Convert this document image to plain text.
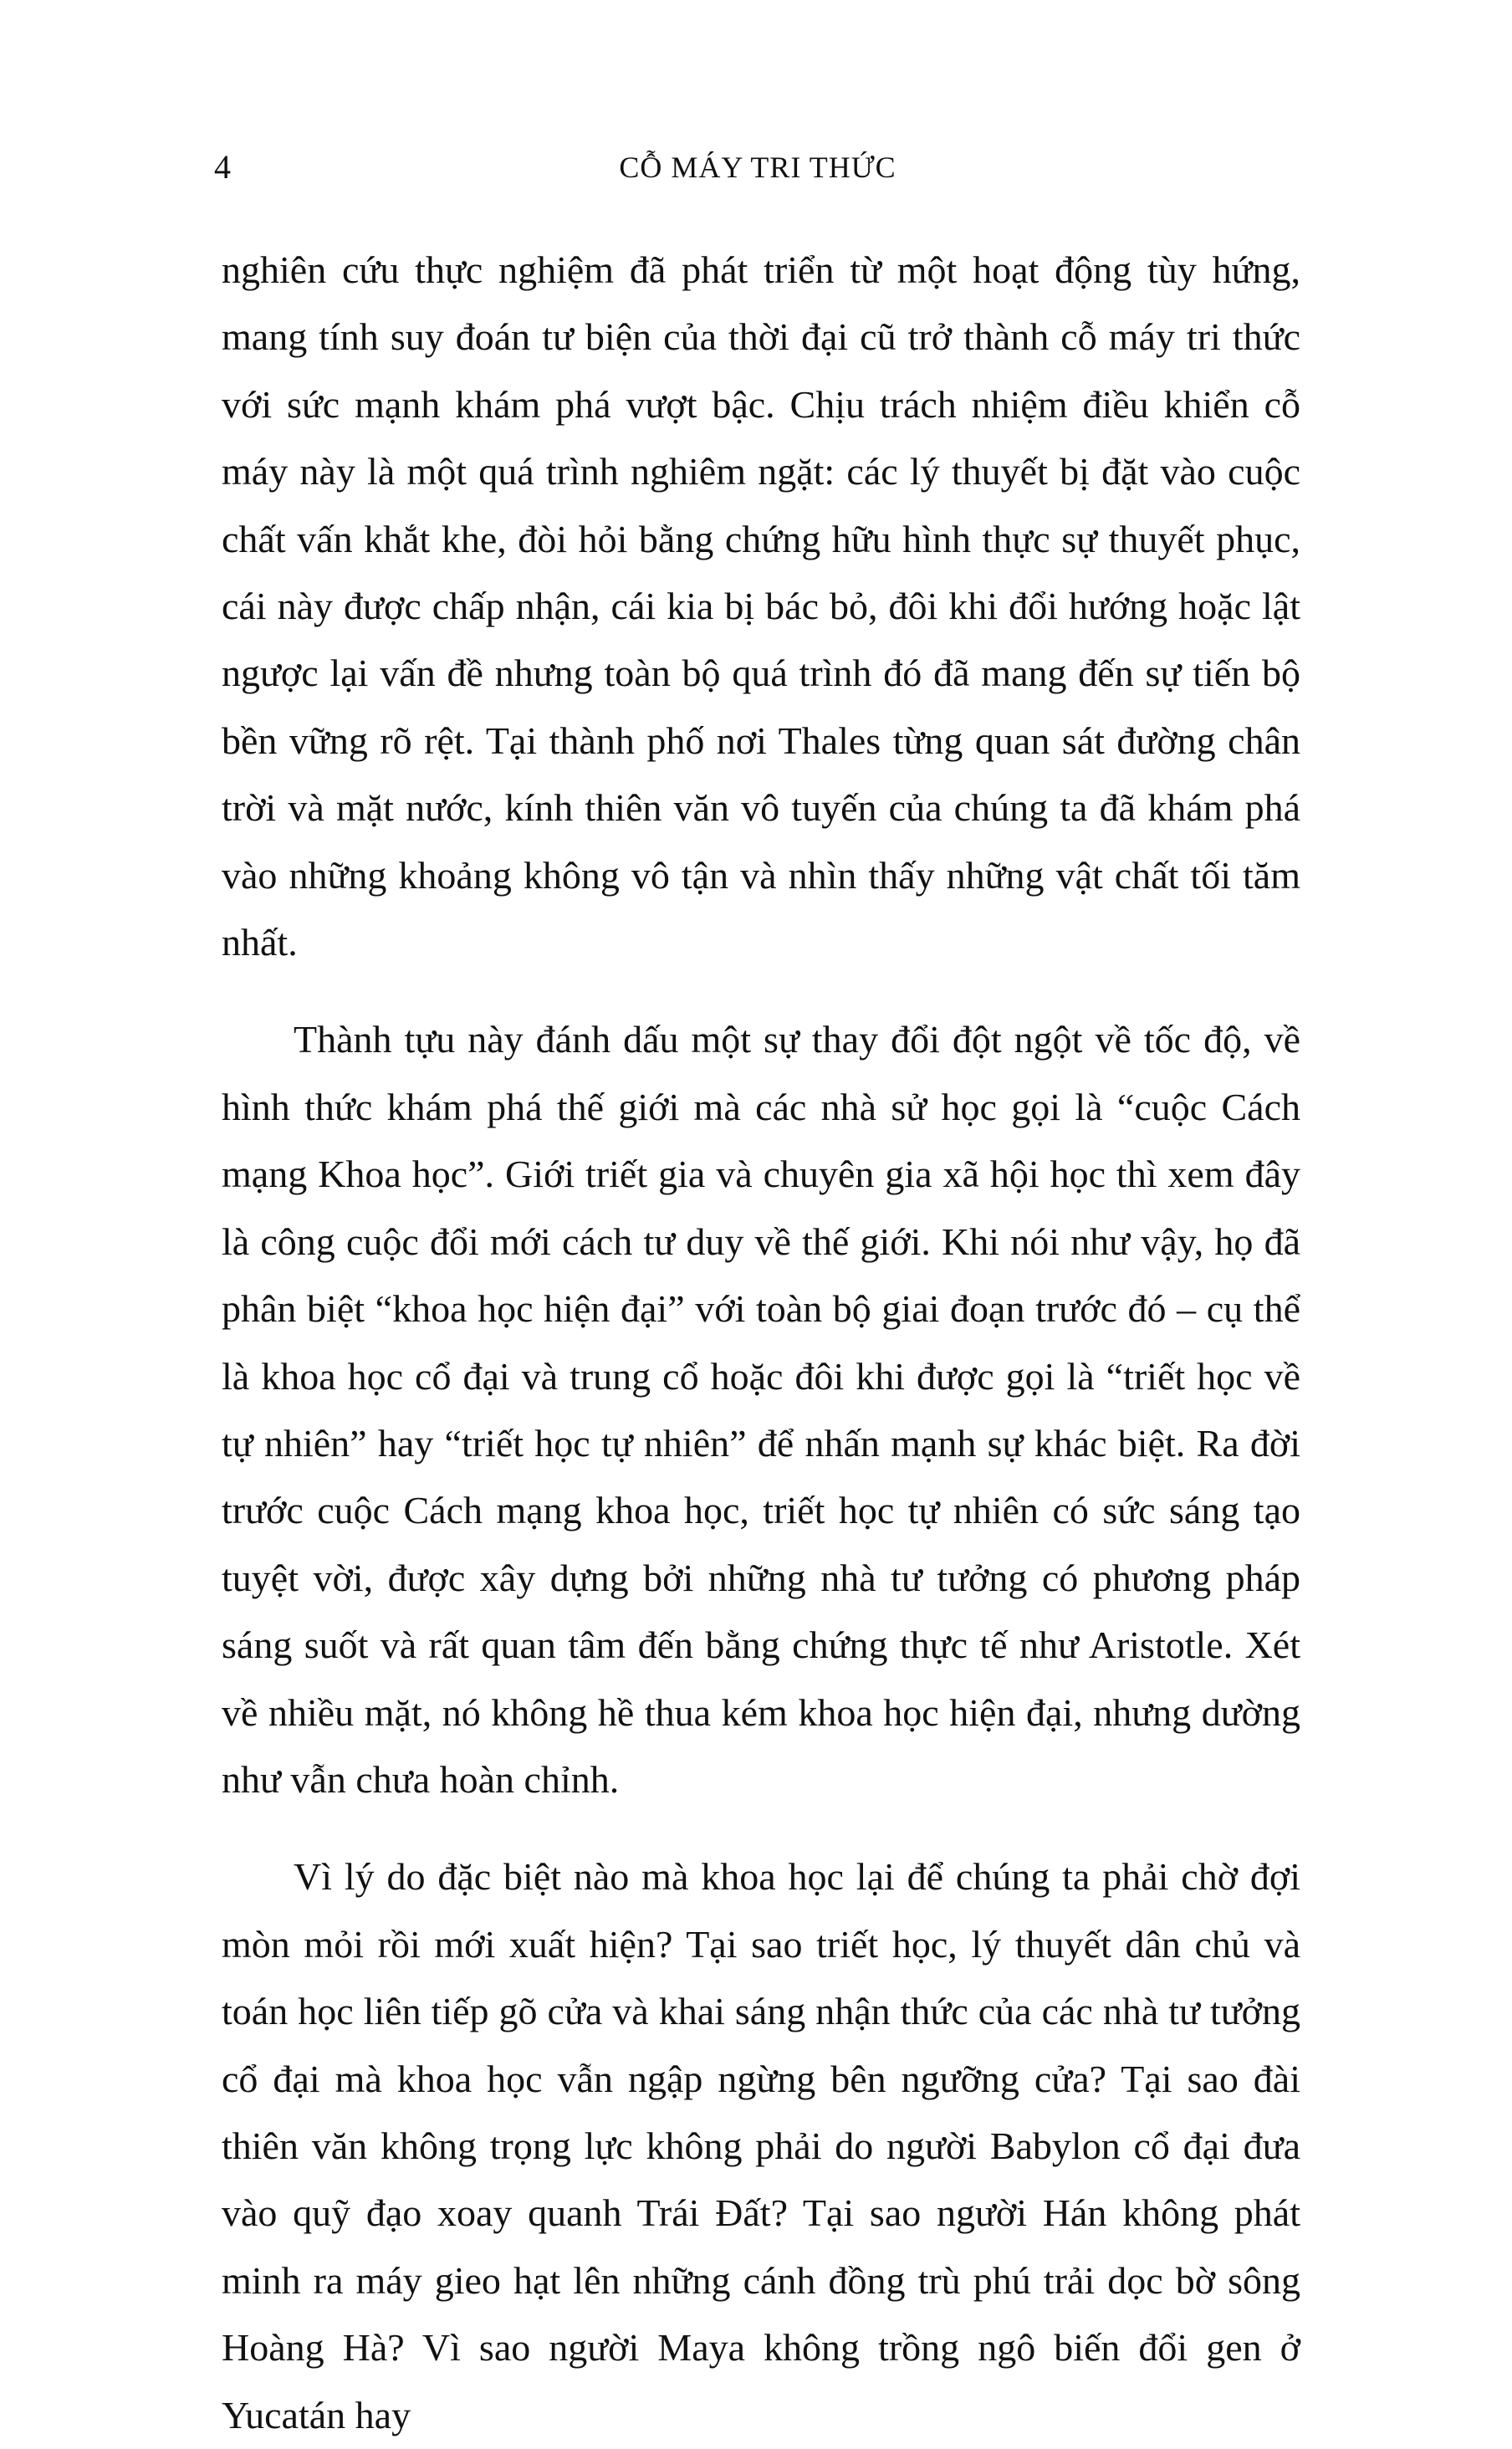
4	CỖ MÁY TRI THỨC

nghiên cứu thực nghiệm đã phát triển từ một hoạt động tùy hứng, mang tính suy đoán tư biện của thời đại cũ trở thành cỗ máy tri thức với sức mạnh khám phá vượt bậc. Chịu trách nhiệm điều khiển cỗ máy này là một quá trình nghiêm ngặt: các lý thuyết bị đặt vào cuộc chất vấn khắt khe, đòi hỏi bằng chứng hữu hình thực sự thuyết phục, cái này được chấp nhận, cái kia bị bác bỏ, đôi khi đổi hướng hoặc lật ngược lại vấn đề nhưng toàn bộ quá trình đó đã mang đến sự tiến bộ bền vững rõ rệt. Tại thành phố nơi Thales từng quan sát đường chân trời và mặt nước, kính thiên văn vô tuyến của chúng ta đã khám phá vào những khoảng không vô tận và nhìn thấy những vật chất tối tăm nhất.

Thành tựu này đánh dấu một sự thay đổi đột ngột về tốc độ, về hình thức khám phá thế giới mà các nhà sử học gọi là “cuộc Cách mạng Khoa học”. Giới triết gia và chuyên gia xã hội học thì xem đây là công cuộc đổi mới cách tư duy về thế giới. Khi nói như vậy, họ đã phân biệt “khoa học hiện đại” với toàn bộ giai đoạn trước đó – cụ thể là khoa học cổ đại và trung cổ hoặc đôi khi được gọi là “triết học về tự nhiên” hay “triết học tự nhiên” để nhấn mạnh sự khác biệt. Ra đời trước cuộc Cách mạng khoa học, triết học tự nhiên có sức sáng tạo tuyệt vời, được xây dựng bởi những nhà tư tưởng có phương pháp sáng suốt và rất quan tâm đến bằng chứng thực tế như Aristotle. Xét về nhiều mặt, nó không hề thua kém khoa học hiện đại, nhưng dường như vẫn chưa hoàn chỉnh.

Vì lý do đặc biệt nào mà khoa học lại để chúng ta phải chờ đợi mòn mỏi rồi mới xuất hiện? Tại sao triết học, lý thuyết dân chủ và toán học liên tiếp gõ cửa và khai sáng nhận thức của các nhà tư tưởng cổ đại mà khoa học vẫn ngập ngừng bên ngưỡng cửa? Tại sao đài thiên văn không trọng lực không phải do người Babylon cổ đại đưa vào quỹ đạo xoay quanh Trái Đất? Tại sao người Hán không phát minh ra máy gieo hạt lên những cánh đồng trù phú trải dọc bờ sông Hoàng Hà? Vì sao người Maya không trồng ngô biến đổi gen ở Yucatán hay
